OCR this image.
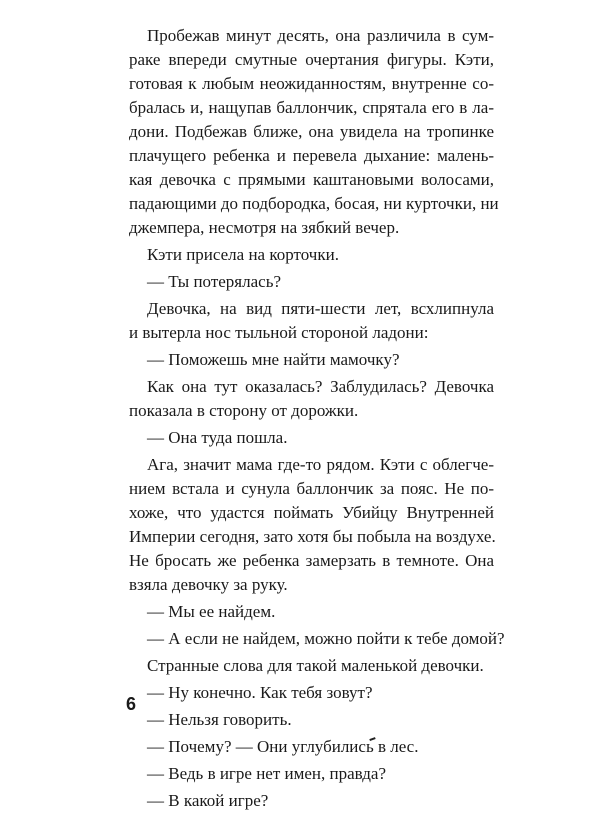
Пробежав минут десять, она различила в сум-
раке впереди смутные очертания фигуры. Кэти,
готовая к любым неожиданностям, внутренне со-
бралась и, нащупав баллончик, спрятала его в ла-
дони. Подбежав ближе, она увидела на тропинке
плачущего ребенка и перевела дыхание: малень-
кая девочка с прямыми каштановыми волосами,
падающими до подбородка, босая, ни курточки, ни
джемпера, несмотря на зябкий вечер.
Кэти присела на корточки.
— Ты потерялась?
Девочка, на вид пяти-шести лет, всхлипнула
и вытерла нос тыльной стороной ладони:
— Поможешь мне найти мамочку?
Как она тут оказалась? Заблудилась? Девочка
показала в сторону от дорожки.
— Она туда пошла.
Ага, значит мама где-то рядом. Кэти с облегче-
нием встала и сунула баллончик за пояс. Не по-
хоже, что удастся поймать Убийцу Внутренней
Империи сегодня, зато хотя бы побыла на воздухе.
Не бросать же ребенка замерзать в темноте. Она
взяла девочку за руку.
— Мы ее найдем.
— А если не найдем, можно пойти к тебе домой?
Странные слова для такой маленькой девочки.
— Ну конечно. Как тебя зовут?
— Нельзя говорить.
— Почему? — Они углубились в лес.
— Ведь в игре нет имен, правда?
— В какой игре?
6
